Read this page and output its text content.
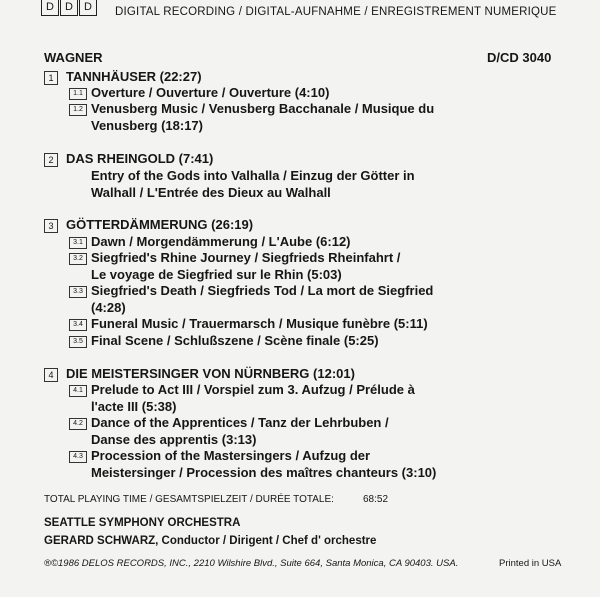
D	D	D	DIGITAL RECORDING / DIGITAL-AUFNAHME / ENREGISTREMENT NUMERIQUE
WAGNER	D/CD 3040
1 TANNHÄUSER (22:27)
1.1 Overture / Ouverture / Ouverture (4:10)
1.2 Venusberg Music / Venusberg Bacchanale / Musique du
Venusberg (18:17)
2 DAS RHEINGOLD (7:41)
Entry of the Gods into Valhalla / Einzug der Götter in
Walhall / L'Entrée des Dieux au Walhall
3 GÖTTERDÄMMERUNG (26:19)
3.1 Dawn / Morgendämmerung / L'Aube (6:12)
3.2 Siegfried's Rhine Journey / Siegfrieds Rheinfahrt /
Le voyage de Siegfried sur le Rhin (5:03)
3.3 Siegfried's Death / Siegfrieds Tod / La mort de Siegfried
(4:28)
3.4 Funeral Music / Trauermarsch / Musique funèbre (5:11)
3.5 Final Scene / Schlußszene / Scène finale (5:25)
4 DIE MEISTERSINGER VON NÜRNBERG (12:01)
4.1 Prelude to Act III / Vorspiel zum 3. Aufzug / Prélude à
l'acte III (5:38)
4.2 Dance of the Apprentices / Tanz der Lehrbuben /
Danse des apprentis (3:13)
4.3 Procession of the Mastersingers / Aufzug der
Meistersinger / Procession des maîtres chanteurs (3:10)
TOTAL PLAYING TIME / GESAMTSPIELZEIT / DURÉE TOTALE:	68:52
SEATTLE SYMPHONY ORCHESTRA
GERARD SCHWARZ, Conductor / Dirigent / Chef d' orchestre
®©1986 DELOS RECORDS, INC., 2210 Wilshire Blvd., Suite 664, Santa Monica, CA 90403. USA.	Printed in USA
